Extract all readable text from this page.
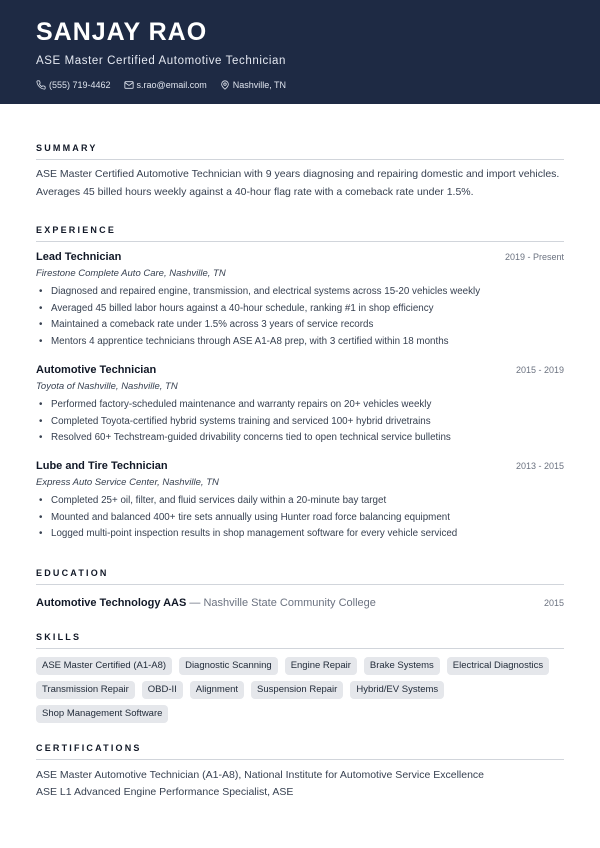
SANJAY RAO
ASE Master Certified Automotive Technician
(555) 719-4462	s.rao@email.com	Nashville, TN
SUMMARY
ASE Master Certified Automotive Technician with 9 years diagnosing and repairing domestic and import vehicles. Averages 45 billed hours weekly against a 40-hour flag rate with a comeback rate under 1.5%.
EXPERIENCE
Lead Technician	2019 - Present
Firestone Complete Auto Care, Nashville, TN
• Diagnosed and repaired engine, transmission, and electrical systems across 15-20 vehicles weekly
• Averaged 45 billed labor hours against a 40-hour schedule, ranking #1 in shop efficiency
• Maintained a comeback rate under 1.5% across 3 years of service records
• Mentors 4 apprentice technicians through ASE A1-A8 prep, with 3 certified within 18 months
Automotive Technician	2015 - 2019
Toyota of Nashville, Nashville, TN
• Performed factory-scheduled maintenance and warranty repairs on 20+ vehicles weekly
• Completed Toyota-certified hybrid systems training and serviced 100+ hybrid drivetrains
• Resolved 60+ Techstream-guided drivability concerns tied to open technical service bulletins
Lube and Tire Technician	2013 - 2015
Express Auto Service Center, Nashville, TN
• Completed 25+ oil, filter, and fluid services daily within a 20-minute bay target
• Mounted and balanced 400+ tire sets annually using Hunter road force balancing equipment
• Logged multi-point inspection results in shop management software for every vehicle serviced
EDUCATION
Automotive Technology AAS — Nashville State Community College	2015
SKILLS
ASE Master Certified (A1-A8)	Diagnostic Scanning	Engine Repair	Brake Systems	Electrical Diagnostics
Transmission Repair	OBD-II	Alignment	Suspension Repair	Hybrid/EV Systems
Shop Management Software
CERTIFICATIONS
ASE Master Automotive Technician (A1-A8), National Institute for Automotive Service Excellence
ASE L1 Advanced Engine Performance Specialist, ASE
